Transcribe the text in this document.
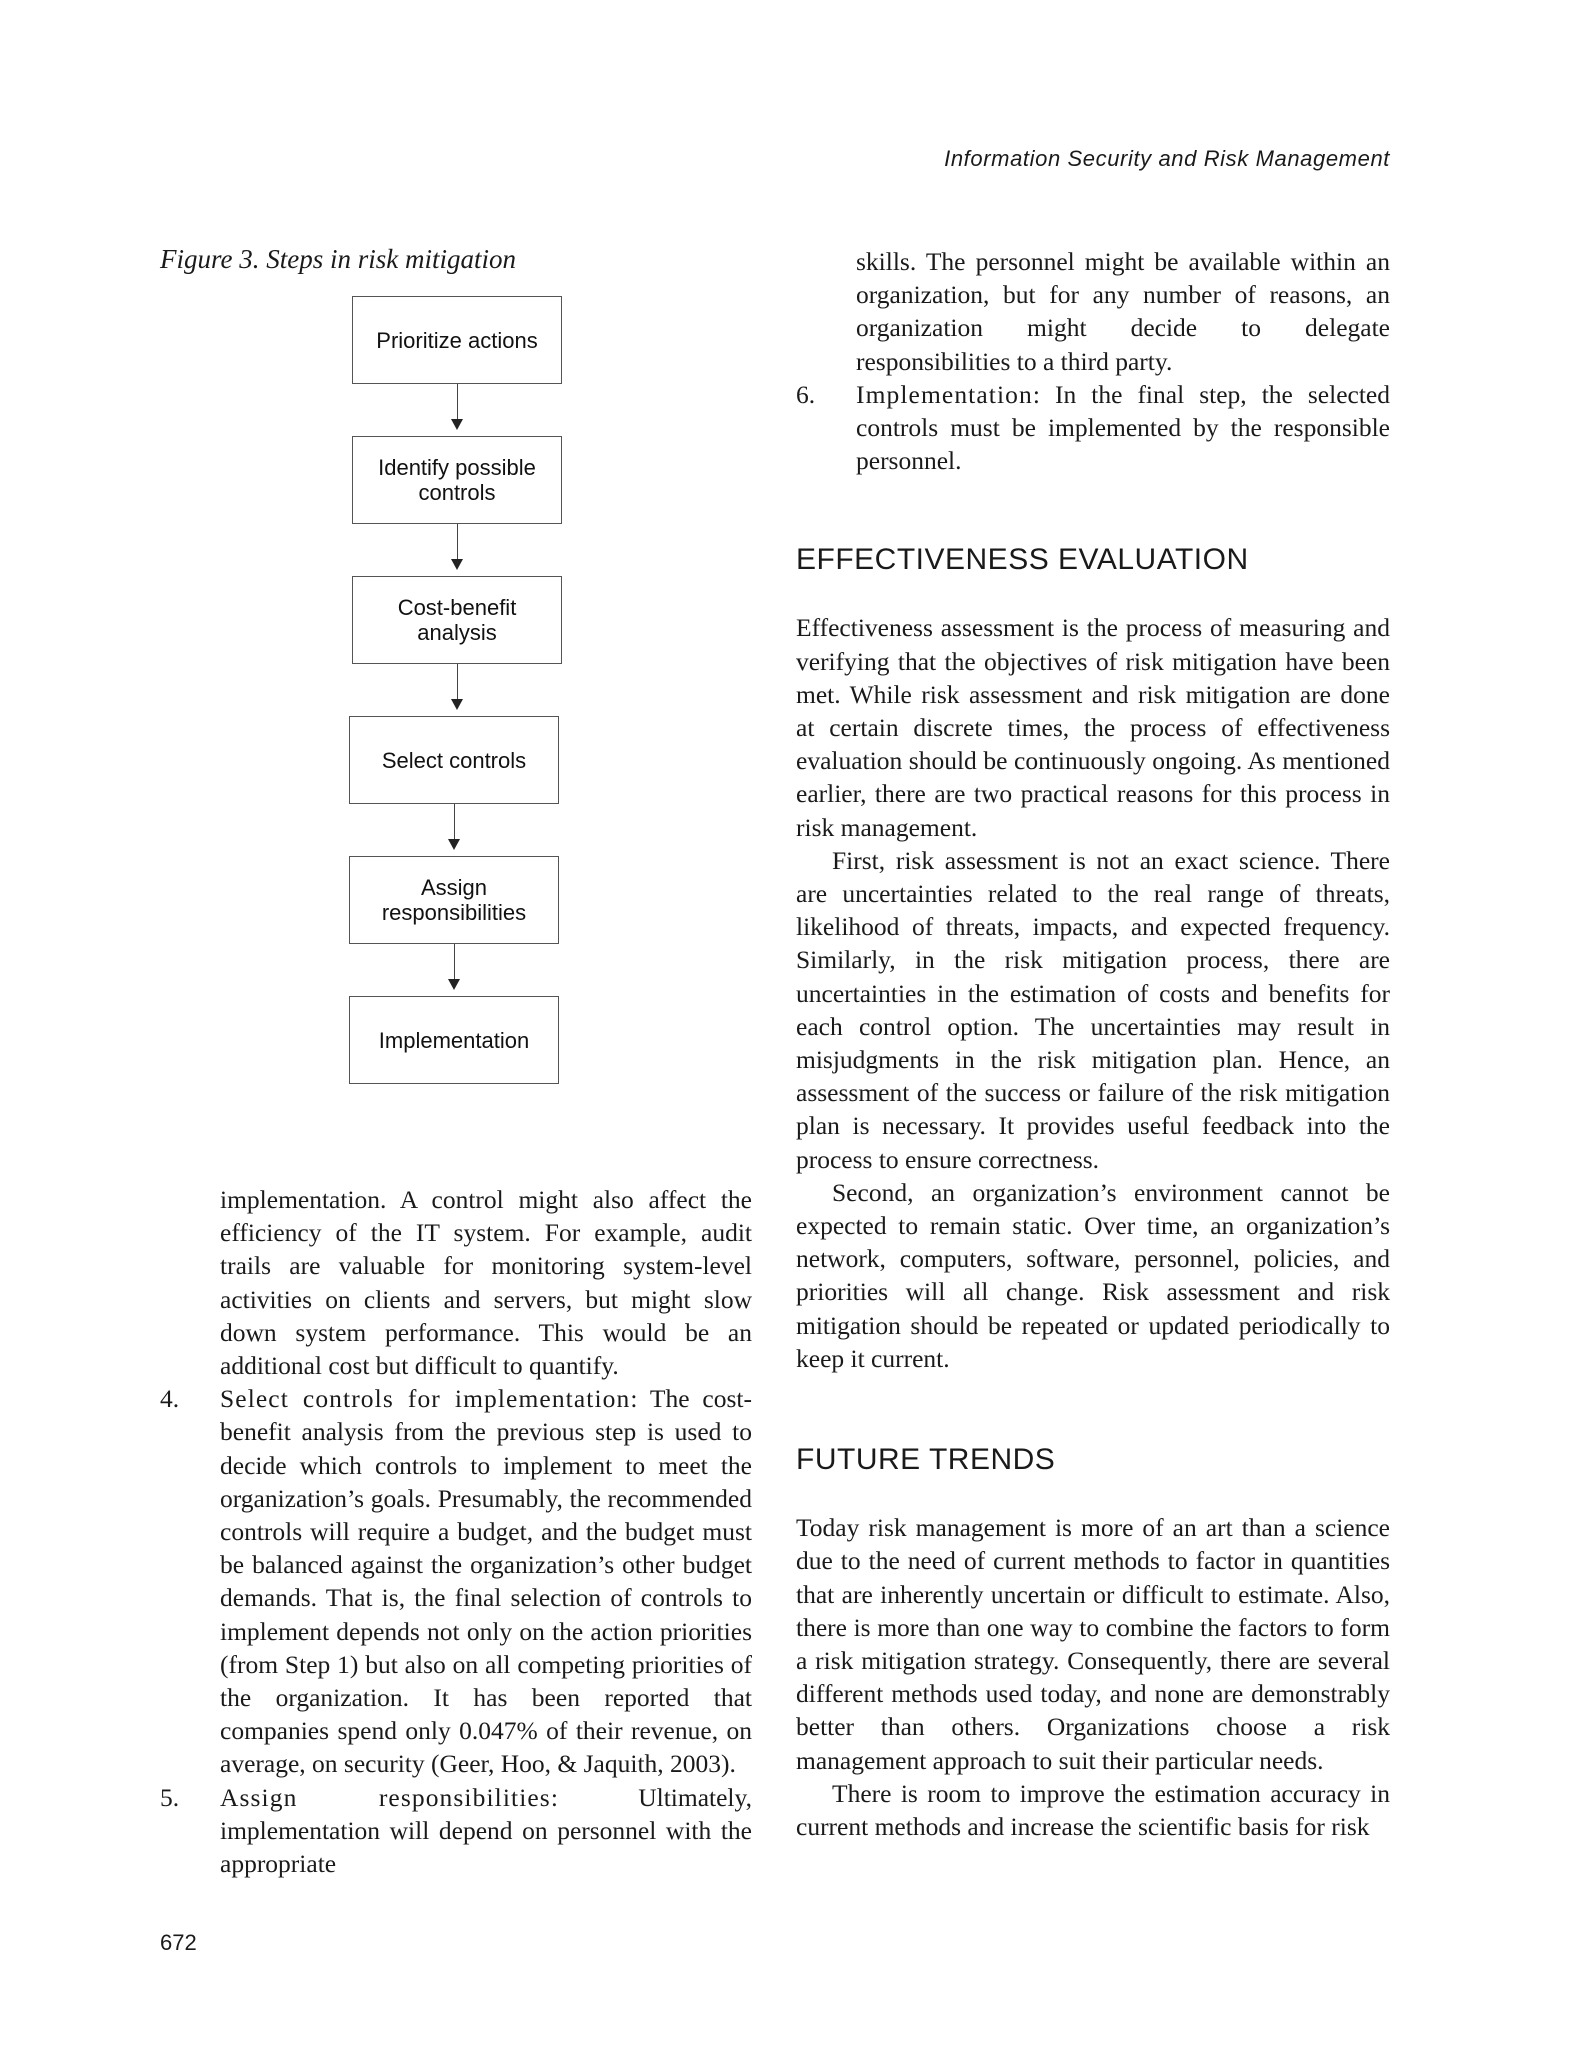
Information Security and Risk Management
Figure 3. Steps in risk mitigation
Prioritize actions
Identify possible controls
Cost-benefit analysis
Select controls
Assign responsibilities
Implementation

implementation. A control might also affect the efficiency of the IT system. For example, audit trails are valuable for monitoring system-level activities on clients and servers, but might slow down system performance. This would be an additional cost but difficult to quantify.

4. Select controls for implementation: The cost-benefit analysis from the previous step is used to decide which controls to implement to meet the organization’s goals. Presumably, the recommended controls will require a budget, and the budget must be balanced against the organization’s other budget demands. That is, the final selection of controls to implement depends not only on the action priorities (from Step 1) but also on all competing priorities of the organization. It has been reported that companies spend only 0.047% of their revenue, on average, on security (Geer, Hoo, & Jaquith, 2003).
5. Assign responsibilities: Ultimately, implementation will depend on personnel with the appropriate

skills. The personnel might be available within an organization, but for any number of reasons, an organization might decide to delegate responsibilities to a third party.

6. Implementation: In the final step, the selected controls must be implemented by the responsible personnel.
EFFECTIVENESS EVALUATION

Effectiveness assessment is the process of measuring and verifying that the objectives of risk mitigation have been met. While risk assessment and risk mitigation are done at certain discrete times, the process of effectiveness evaluation should be continuously ongoing. As mentioned earlier, there are two practical reasons for this process in risk management.

First, risk assessment is not an exact science. There are uncertainties related to the real range of threats, likelihood of threats, impacts, and expected frequency. Similarly, in the risk mitigation process, there are uncertainties in the estimation of costs and benefits for each control option. The uncertainties may result in misjudgments in the risk mitigation plan. Hence, an assessment of the success or failure of the risk mitigation plan is necessary. It provides useful feedback into the process to ensure correctness.

Second, an organization’s environment cannot be expected to remain static. Over time, an organization’s network, computers, software, personnel, policies, and priorities will all change. Risk assessment and risk mitigation should be repeated or updated periodically to keep it current.

FUTURE TRENDS

Today risk management is more of an art than a science due to the need of current methods to factor in quantities that are inherently uncertain or difficult to estimate. Also, there is more than one way to combine the factors to form a risk mitigation strategy. Consequently, there are several different methods used today, and none are demonstrably better than others. Organizations choose a risk management approach to suit their particular needs.

There is room to improve the estimation accuracy in current methods and increase the scientific basis for risk

672
